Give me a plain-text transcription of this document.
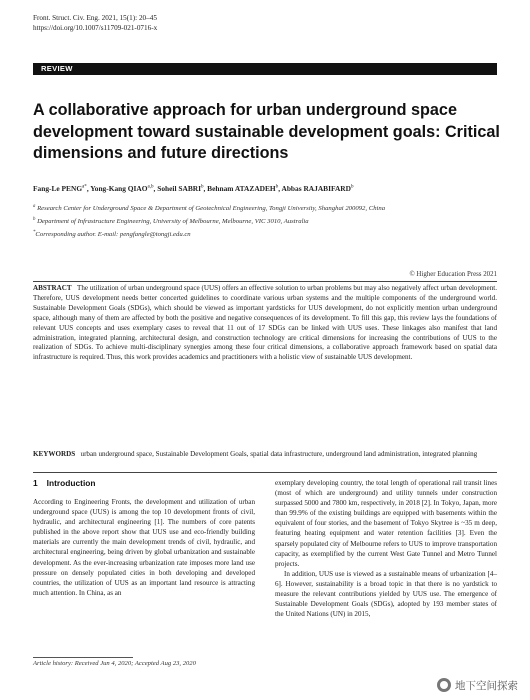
Front. Struct. Civ. Eng. 2021, 15(1): 20–45
https://doi.org/10.1007/s11709-021-0716-x
REVIEW
A collaborative approach for urban underground space development toward sustainable development goals: Critical dimensions and future directions
Fang-Le $PENG^{a*}$, Yong-Kang QIAO$^{a,b}$, Soheil SABRI$^b$, Behnam ATAZADEH$^b$, Abbas RAJABIFARD$^b$
$^a$ Research Center for Underground Space & Department of Geotechnical Engineering, Tongji University, Shanghai 200092, China
$^b$ Department of Infrastructure Engineering, University of Melbourne, Melbourne, VIC 3010, Australia
*Corresponding author. E-mail: pengfangle@tongji.edu.cn
© Higher Education Press 2021
ABSTRACT The utilization of urban underground space (UUS) offers an effective solution to urban problems but may also negatively affect urban development. Therefore, UUS development needs better concerted guidelines to coordinate various urban systems and the multiple components of the underground world. Sustainable Development Goals (SDGs), which should be viewed as important yardsticks for UUS development, do not explicitly mention urban underground space, although many of them are affected by both the positive and negative consequences of its development. To fill this gap, this review lays the foundations of relevant UUS concepts and uses exemplary cases to reveal that 11 out of 17 SDGs can be linked with UUS uses. These linkages also manifest that land administration, integrated planning, architectural design, and construction technology are critical dimensions for increasing the contributions of UUS to the realization of SDGs. To achieve multi-disciplinary synergies among these four critical dimensions, a collaborative approach framework based on spatial data infrastructure is required. Thus, this work provides academics and practitioners with a holistic view of sustainable UUS development.
KEYWORDS urban underground space, Sustainable Development Goals, spatial data infrastructure, underground land administration, integrated planning
1 Introduction

According to Engineering Fronts, the development and utilization of urban underground space (UUS) is among the top 10 development fronts of civil, hydraulic, and architectural engineering [1]. The numbers of core patents published in the above report show that UUS use and eco-friendly building materials are currently the main development trends of civil, hydraulic, and architectural engineering, being driven by global urbanization and sustainable development. As the ever-increasing urbanization rate imposes more land use pressure on densely populated cities in both developing and developed countries, the utilization of UUS as an important land resource is attracting much attention. In China, as an

exemplary developing country, the total length of operational rail transit lines (most of which are underground) and utility tunnels under construction surpassed 5000 and 7800 km, respectively, in 2018 [2]. In Tokyo, Japan, more than 99.9% of the existing buildings are equipped with basements within the equivalent of four stories, and the basement of Tokyo Skytree is ~35 m deep, featuring heating equipment and water retention facilities [3]. Even the sparsely populated city of Melbourne refers to UUS to improve transportation capacity, as exemplified by the current West Gate Tunnel and Metro Tunnel projects.

In addition, UUS use is viewed as a sustainable means of urbanization [4–6]. However, sustainability is a broad topic in that there is no yardstick to measure the relevant contributions yielded by UUS use. The emergence of Sustainable Development Goals (SDGs), adopted by 193 member states of the United Nations (UN) in 2015,

Article history: Received Jun 4, 2020; Accepted Aug 23, 2020
地下空间探索
